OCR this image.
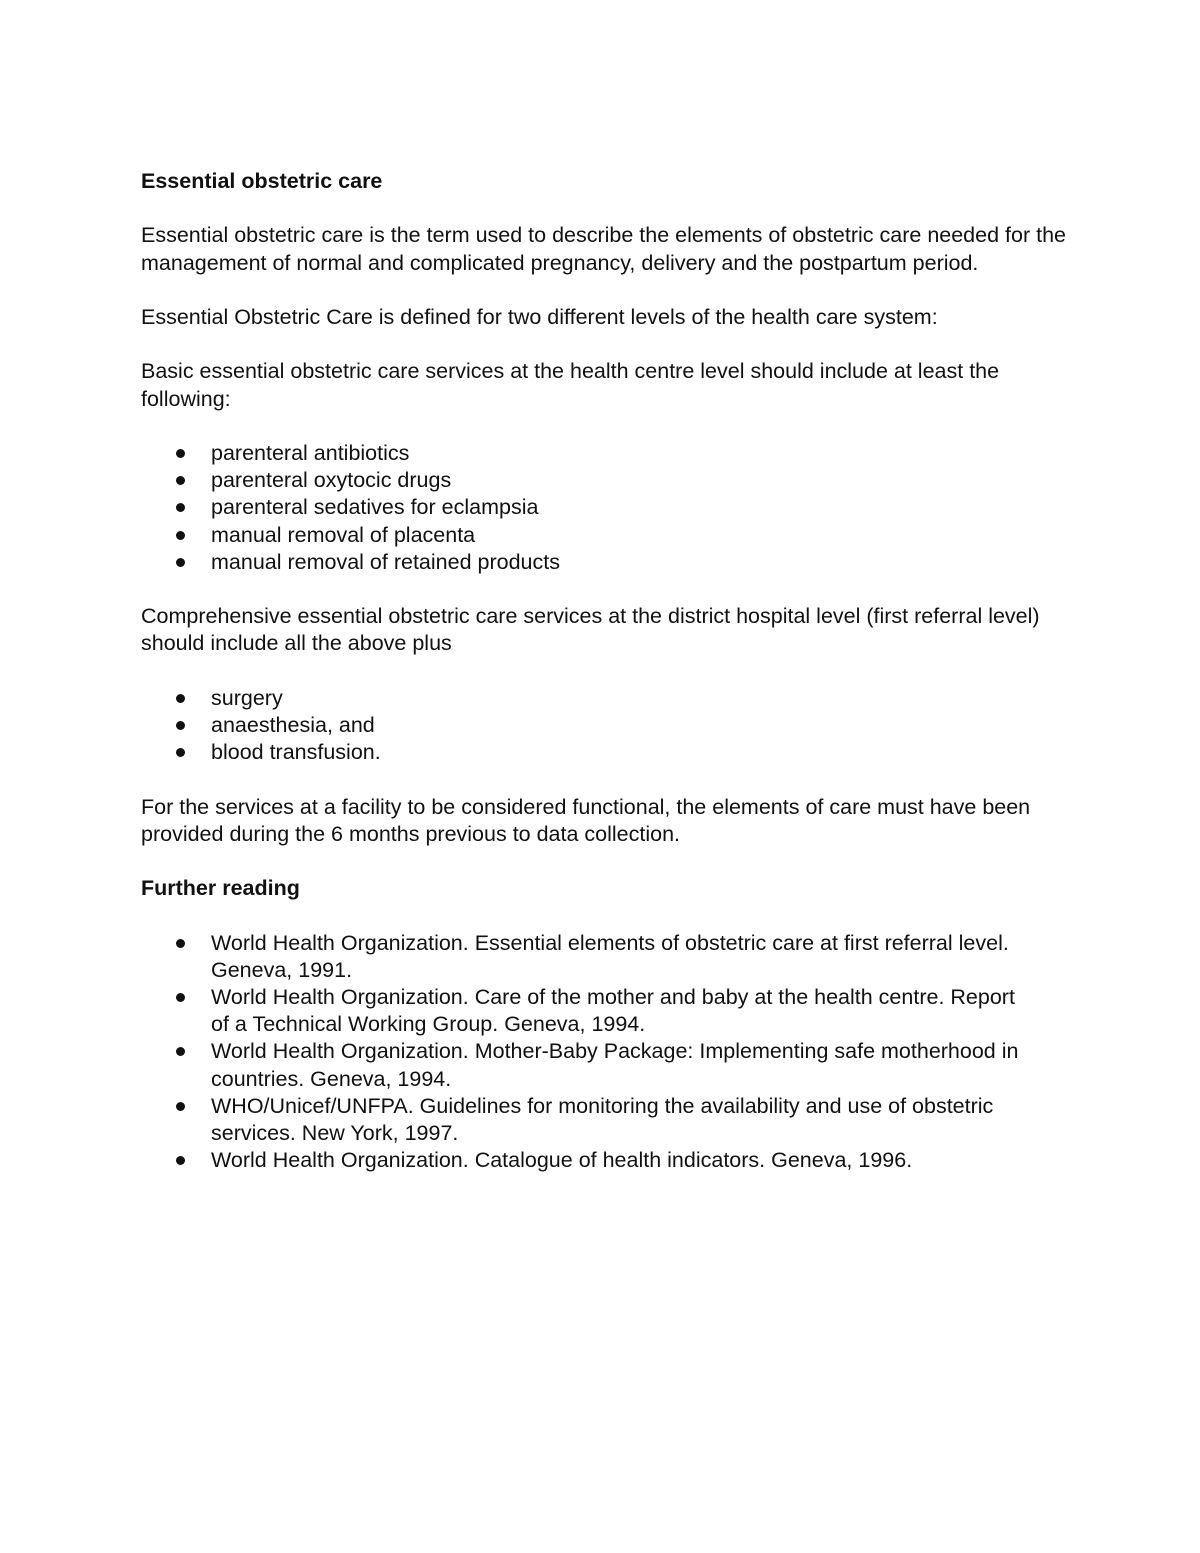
Essential obstetric care

Essential obstetric care is the term used to describe the elements of obstetric care needed for the management of normal and complicated pregnancy, delivery and the postpartum period.

Essential Obstetric Care is defined for two different levels of the health care system:

Basic essential obstetric care services at the health centre level should include at least the following:

parenteral antibiotics
parenteral oxytocic drugs
parenteral sedatives for eclampsia
manual removal of placenta
manual removal of retained products

Comprehensive essential obstetric care services at the district hospital level (first referral level) should include all the above plus

surgery
anaesthesia, and
blood transfusion.

For the services at a facility to be considered functional, the elements of care must have been provided during the 6 months previous to data collection.

Further reading
World Health Organization. Essential elements of obstetric care at first referral level. Geneva, 1991.
World Health Organization. Care of the mother and baby at the health centre. Report of a Technical Working Group. Geneva, 1994.
World Health Organization. Mother-Baby Package: Implementing safe motherhood in countries. Geneva, 1994.
WHO/Unicef/UNFPA. Guidelines for monitoring the availability and use of obstetric services. New York, 1997.
World Health Organization. Catalogue of health indicators. Geneva, 1996.
